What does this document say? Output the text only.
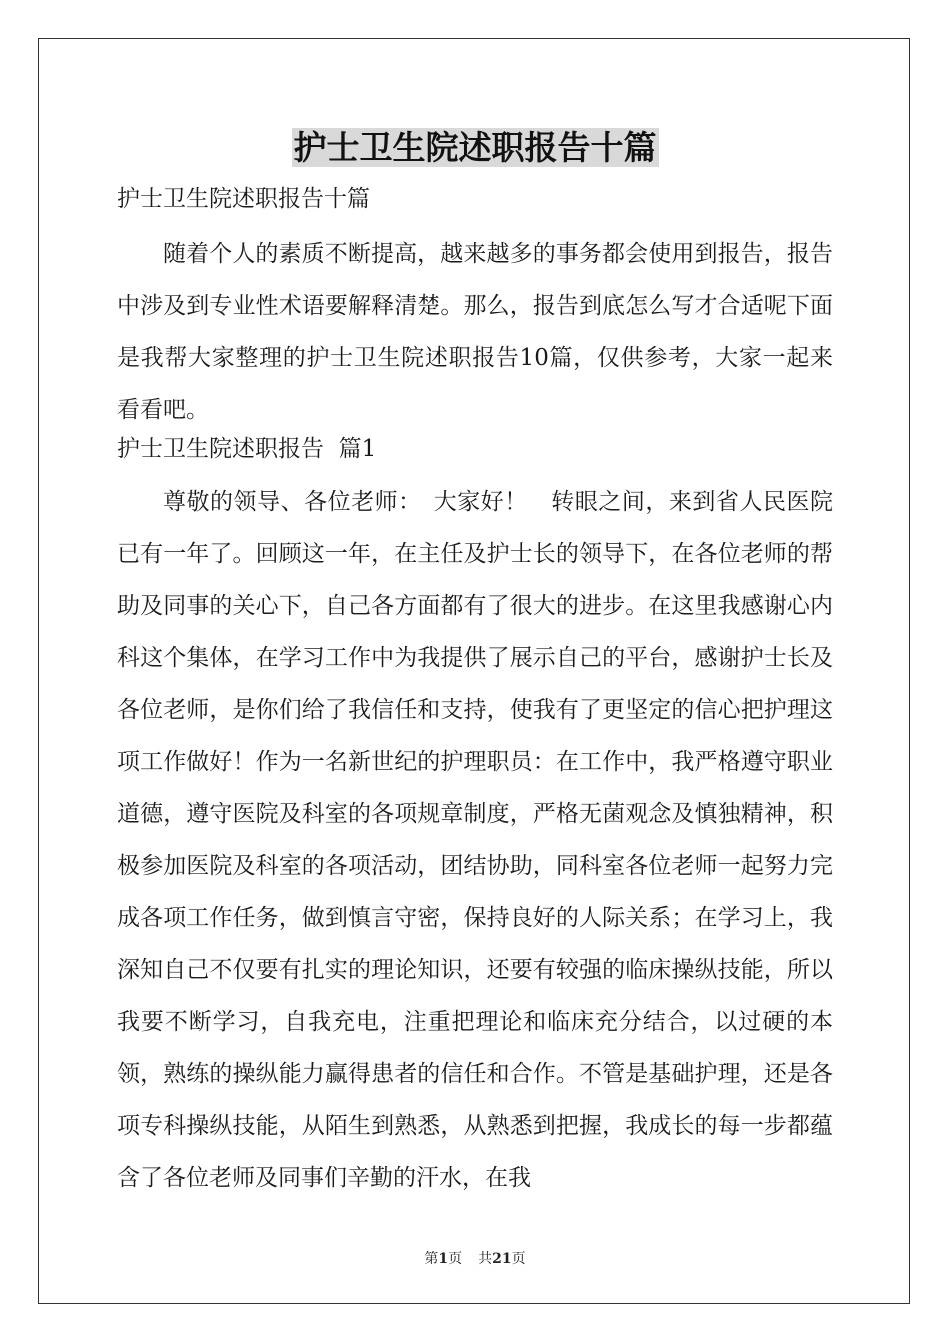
护士卫生院述职报告十篇

护士卫生院述职报告十篇

随着个人的素质不断提高，越来越多的事务都会使用到报告，报告中涉及到专业性术语要解释清楚。那么，报告到底怎么写才合适呢下面是我帮大家整理的护士卫生院述职报告10篇，仅供参考，大家一起来看看吧。

护士卫生院述职报告  篇1

尊敬的领导、各位老师：　大家好！　转眼之间，来到省人民医院已有一年了。回顾这一年，在主任及护士长的领导下，在各位老师的帮助及同事的关心下，自己各方面都有了很大的进步。在这里我感谢心内科这个集体，在学习工作中为我提供了展示自己的平台，感谢护士长及各位老师，是你们给了我信任和支持，使我有了更坚定的信心把护理这项工作做好！作为一名新世纪的护理职员：在工作中，我严格遵守职业道德，遵守医院及科室的各项规章制度，严格无菌观念及慎独精神，积极参加医院及科室的各项活动，团结协助，同科室各位老师一起努力完成各项工作任务，做到慎言守密，保持良好的人际关系；在学习上，我深知自己不仅要有扎实的理论知识，还要有较强的临床操纵技能，所以我要不断学习，自我充电，注重把理论和临床充分结合，以过硬的本领，熟练的操纵能力赢得患者的信任和合作。不管是基础护理，还是各项专科操纵技能，从陌生到熟悉，从熟悉到把握，我成长的每一步都蕴含了各位老师及同事们辛勤的汗水，在我

第1页 共21页
